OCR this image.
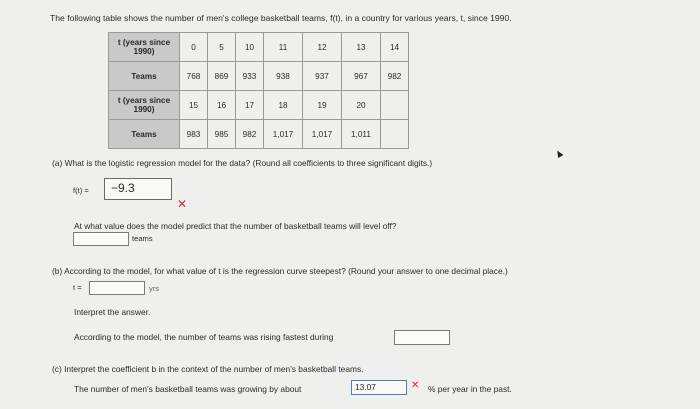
The following table shows the number of men's college basketball teams, f(t), in a country for various years, t, since 1990.
t (years since 1990)	0	5	10	11	12	13	14
Teams	768	869	933	938	937	967	982
t (years since 1990)	15	16	17	18	19	20	
Teams	983	985	982	1,017	1,017	1,011	
(a) What is the logistic regression model for the data? (Round all coefficients to three significant digits.)
f(t) =	−9.3
✕
At what value does the model predict that the number of basketball teams will level off?
teams
(b) According to the model, for what value of t is the regression curve steepest? (Round your answer to one decimal place.)
t =	yrs
Interpret the answer.
According to the model, the number of teams was rising fastest during
(c) Interpret the coefficient b in the context of the number of men's basketball teams.
The number of men's basketball teams was growing by about	13.07	✕ % per year in the past.
